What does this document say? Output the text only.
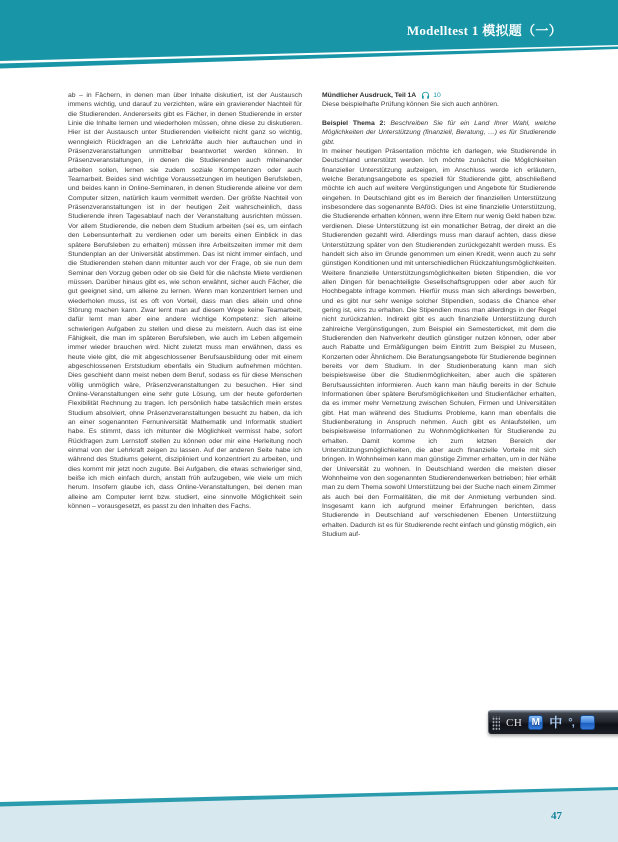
Modelltest 1 模拟题（一）

ab – in Fächern, in denen man über Inhalte diskutiert, ist der Austausch immens wichtig, und darauf zu verzichten, wäre ein gravierender Nachteil für die Studierenden. Andererseits gibt es Fächer, in denen Studierende in erster Linie die Inhalte lernen und wiederholen müssen, ohne diese zu diskutieren. Hier ist der Austausch unter Studierenden vielleicht nicht ganz so wichtig, wenngleich Rückfragen an die Lehrkräfte auch hier auftauchen und in Präsenzveranstaltungen unmittelbar beantwortet werden können. In Präsenzveranstaltungen, in denen die Studierenden auch miteinander arbeiten sollen, lernen sie zudem soziale Kompetenzen oder auch Teamarbeit. Beides sind wichtige Voraussetzungen im heutigen Berufsleben, und beides kann in Online-Seminaren, in denen Studierende alleine vor dem Computer sitzen, natürlich kaum vermittelt werden. Der größte Nachteil von Präsenzveranstaltungen ist in der heutigen Zeit wahrscheinlich, dass Studierende ihren Tagesablauf nach der Veranstaltung ausrichten müssen. Vor allem Studierende, die neben dem Studium arbeiten (sei es, um einfach den Lebensunterhalt zu verdienen oder um bereits einen Einblick in das spätere Berufsleben zu erhalten) müssen ihre Arbeitszeiten immer mit dem Stundenplan an der Universität abstimmen. Das ist nicht immer einfach, und die Studierenden stehen dann mitunter auch vor der Frage, ob sie nun dem Seminar den Vorzug geben oder ob sie Geld für die nächste Miete verdienen müssen. Darüber hinaus gibt es, wie schon erwähnt, sicher auch Fächer, die gut geeignet sind, um alleine zu lernen. Wenn man konzentriert lernen und wiederholen muss, ist es oft von Vorteil, dass man dies allein und ohne Störung machen kann. Zwar lernt man auf diesem Wege keine Teamarbeit, dafür lernt man aber eine andere wichtige Kompetenz: sich alleine schwierigen Aufgaben zu stellen und diese zu meistern. Auch das ist eine Fähigkeit, die man im späteren Berufsleben, wie auch im Leben allgemein immer wieder brauchen wird. Nicht zuletzt muss man erwähnen, dass es heute viele gibt, die mit abgeschlossener Berufsausbildung oder mit einem abgeschlossenen Erststudium ebenfalls ein Studium aufnehmen möchten. Dies geschieht dann meist neben dem Beruf, sodass es für diese Menschen völlig unmöglich wäre, Präsenzveranstaltungen zu besuchen. Hier sind Online-Veranstaltungen eine sehr gute Lösung, um der heute geforderten Flexibilität Rechnung zu tragen. Ich persönlich habe tatsächlich mein erstes Studium absolviert, ohne Präsenzveranstaltungen besucht zu haben, da ich an einer sogenannten Fernuniversität Mathematik und Informatik studiert habe. Es stimmt, dass ich mitunter die Möglichkeit vermisst habe, sofort Rückfragen zum Lernstoff stellen zu können oder mir eine Herleitung noch einmal von der Lehrkraft zeigen zu lassen. Auf der anderen Seite habe ich während des Studiums gelernt, diszipliniert und konzentriert zu arbeiten, und dies kommt mir jetzt noch zugute. Bei Aufgaben, die etwas schwieriger sind, beiße ich mich einfach durch, anstatt früh aufzugeben, wie viele um mich herum. Insofern glaube ich, dass Online-Veranstaltungen, bei denen man alleine am Computer lernt bzw. studiert, eine sinnvolle Möglichkeit sein können – vorausgesetzt, es passt zu den Inhalten des Fachs.

Mündlicher Ausdruck, Teil 1A	10

Diese beispielhafte Prüfung können Sie sich auch anhören.

Beispiel Thema 2: Beschreiben Sie für ein Land Ihrer Wahl, welche Möglichkeiten der Unterstützung (finanziell, Beratung, …) es für Studierende gibt.

In meiner heutigen Präsentation möchte ich darlegen, wie Studierende in Deutschland unterstützt werden. Ich möchte zunächst die Möglichkeiten finanzieller Unterstützung aufzeigen, im Anschluss werde ich erläutern, welche Beratungsangebote es speziell für Studierende gibt, abschließend möchte ich auch auf weitere Vergünstigungen und Angebote für Studierende eingehen. In Deutschland gibt es im Bereich der finanziellen Unterstützung insbesondere das sogenannte BAföG. Dies ist eine finanzielle Unterstützung, die Studierende erhalten können, wenn ihre Eltern nur wenig Geld haben bzw. verdienen. Diese Unterstützung ist ein monatlicher Betrag, der direkt an die Studierenden gezahlt wird. Allerdings muss man darauf achten, dass diese Unterstützung später von den Studierenden zurückgezahlt werden muss. Es handelt sich also im Grunde genommen um einen Kredit, wenn auch zu sehr günstigen Konditionen und mit unterschiedlichen Rückzahlungsmöglichkeiten. Weitere finanzielle Unterstützungsmöglichkeiten bieten Stipendien, die vor allen Dingen für benachteiligte Gesellschaftsgruppen oder aber auch für Hochbegabte infrage kommen. Hierfür muss man sich allerdings bewerben, und es gibt nur sehr wenige solcher Stipendien, sodass die Chance eher gering ist, eins zu erhalten. Die Stipendien muss man allerdings in der Regel nicht zurückzahlen. Indirekt gibt es auch finanzielle Unterstützung durch zahlreiche Vergünstigungen, zum Beispiel ein Semesterticket, mit dem die Studierenden den Nahverkehr deutlich günstiger nutzen können, oder aber auch Rabatte und Ermäßigungen beim Eintritt zum Beispiel zu Museen, Konzerten oder Ähnlichem. Die Beratungsangebote für Studierende beginnen bereits vor dem Studium. In der Studienberatung kann man sich beispielsweise über die Studienmöglichkeiten, aber auch die späteren Berufsaussichten informieren. Auch kann man häufig bereits in der Schule Informationen über spätere Berufsmöglichkeiten und Studienfächer erhalten, da es immer mehr Vernetzung zwischen Schulen, Firmen und Universitäten gibt. Hat man während des Studiums Probleme, kann man ebenfalls die Studienberatung in Anspruch nehmen. Auch gibt es Anlaufstellen, um beispielsweise Informationen zu Wohnmöglichkeiten für Studierende zu erhalten. Damit komme ich zum letzten Bereich der Unterstützungsmöglichkeiten, die aber auch finanzielle Vorteile mit sich bringen. In Wohnheimen kann man günstige Zimmer erhalten, um in der Nähe der Universität zu wohnen. In Deutschland werden die meisten dieser Wohnheime von den sogenannten Studierendenwerken betrieben; hier erhält man zu dem Thema sowohl Unterstützung bei der Suche nach einem Zimmer als auch bei den Formalitäten, die mit der Anmietung verbunden sind. Insgesamt kann ich aufgrund meiner Erfahrungen berichten, dass Studierende in Deutschland auf verschiedenen Ebenen Unterstützung erhalten. Dadurch ist es für Studierende recht einfach und günstig möglich, ein Studium auf-

CH M 中 °,
47
